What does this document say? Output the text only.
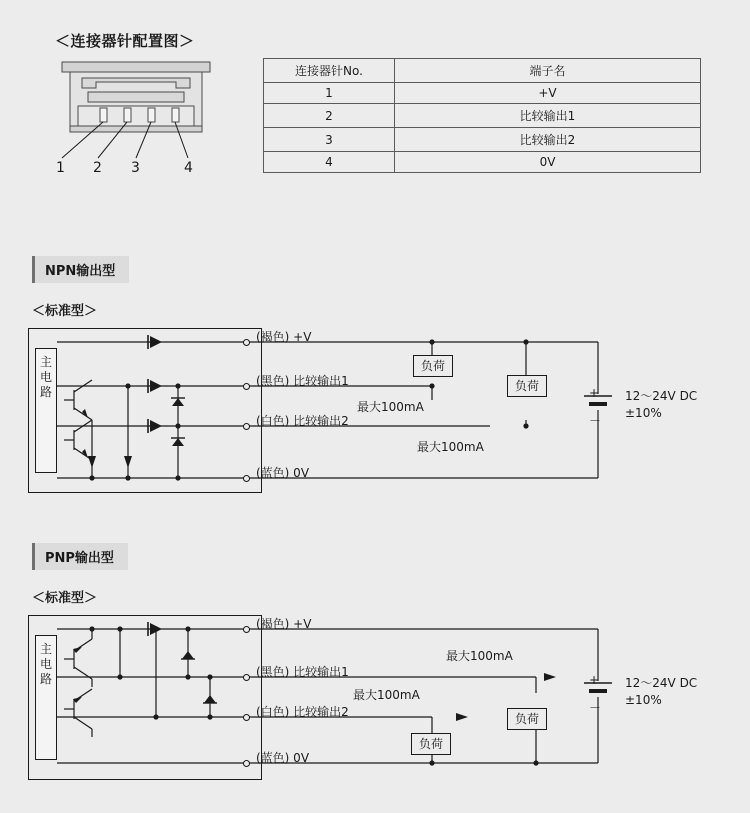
＜连接器针配置图＞
1 2 3	4
连接器针No.	端子名
1	+V
2	比较输出1
3	比较输出2
4	0V
NPN输出型
＜标准型＞
主电路
(褐色) +V
(黑色) 比较输出1
(白色) 比较输出2
(蓝色) 0V
负荷
负荷
最大100mA
最大100mA
+
－
12～24V DC
±10%
PNP输出型
＜标准型＞
主电路
(褐色) +V
(黑色) 比较输出1
(白色) 比较输出2
(蓝色) 0V
负荷
负荷
最大100mA
最大100mA
+
－
12～24V DC
±10%
